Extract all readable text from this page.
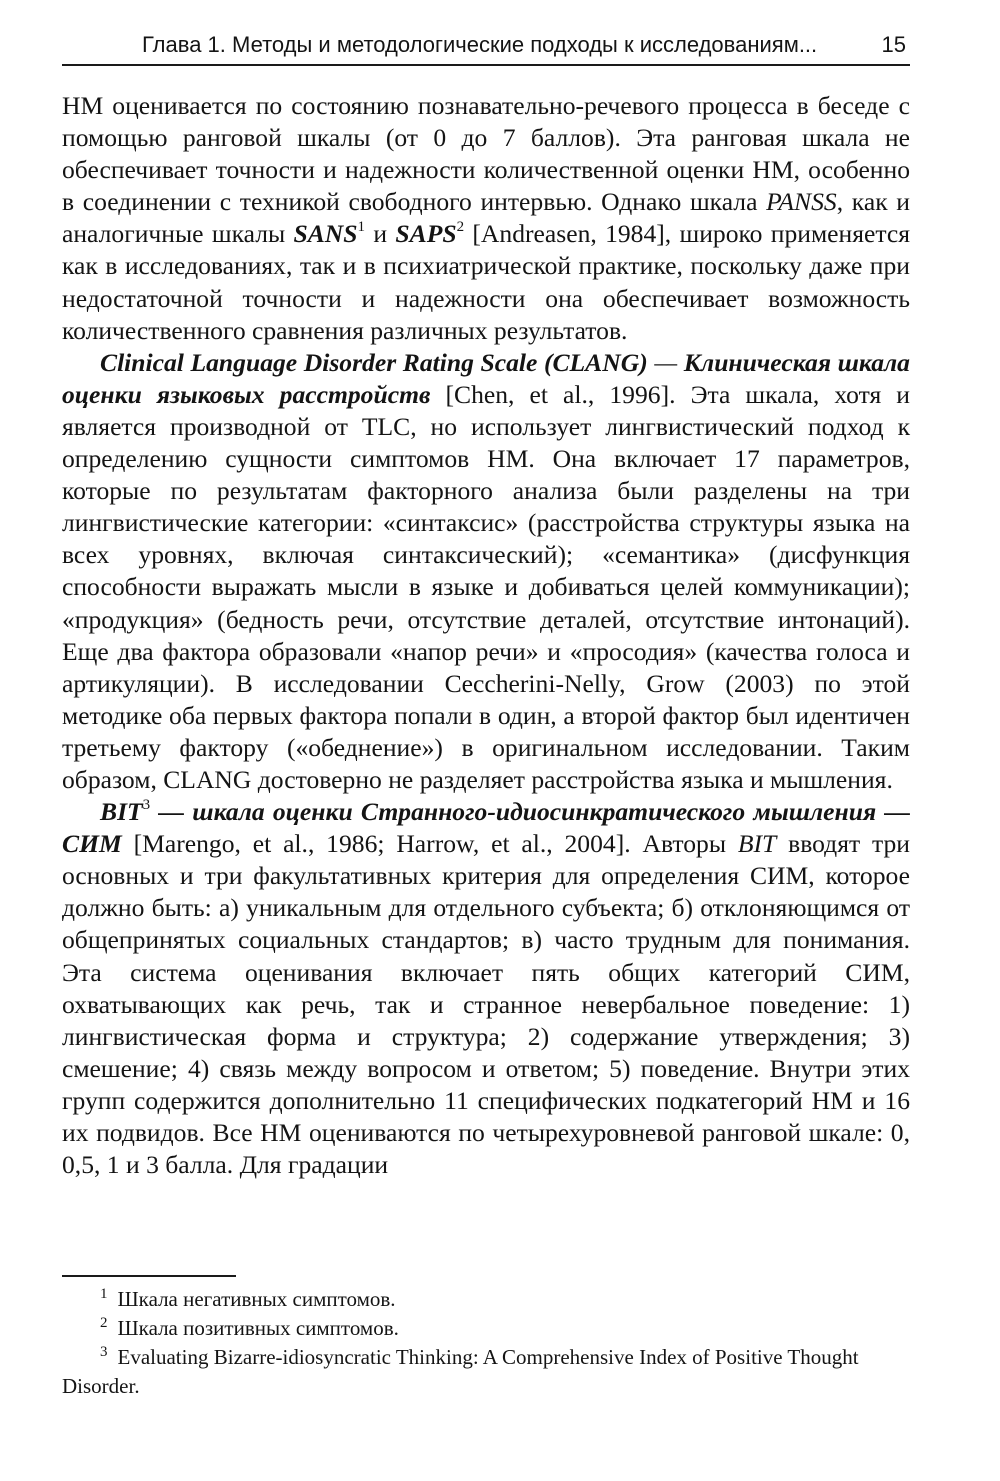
Глава 1. Методы и методологические подходы к исследованиям...	15

НМ оценивается по состоянию познавательно-речевого процесса в беседе с помощью ранговой шкалы (от 0 до 7 баллов). Эта ранговая шкала не обеспечивает точности и надежности количественной оценки НМ, особенно в соединении с техникой свободного интервью. Однако шкала PANSS, как и аналогичные шкалы SANS$^1$ и SAPS$^2$ [Andreasen, 1984], широко применяется как в исследованиях, так и в психиатрической практике, поскольку даже при недостаточной точности и надежности она обеспечивает возможность количественного сравнения различных результатов.

Clinical Language Disorder Rating Scale (CLANG) — Клиническая шкала оценки языковых расстройств [Chen, et al., 1996]. Эта шкала, хотя и является производной от TLC, но использует лингвистический подход к определению сущности симптомов НМ. Она включает 17 параметров, которые по результатам факторного анализа были разделены на три лингвистические категории: «синтаксис» (расстройства структуры языка на всех уровнях, включая синтаксический); «семантика» (дисфункция способности выражать мысли в языке и добиваться целей коммуникации); «продукция» (бедность речи, отсутствие деталей, отсутствие интонаций). Еще два фактора образовали «напор речи» и «просодия» (качества голоса и артикуляции). В исследовании Ceccherini-Nelly, Grow (2003) по этой методике оба первых фактора попали в один, а второй фактор был идентичен третьему фактору («обеднение») в оригинальном исследовании. Таким образом, CLANG достоверно не разделяет расстройства языка и мышления.

BIT$^3$ — шкала оценки Странного-идиосинкратического мышления — СИМ [Marengo, et al., 1986; Harrow, et al., 2004]. Авторы BIT вводят три основных и три факультативных критерия для определения СИМ, которое должно быть: а) уникальным для отдельного субъекта; б) отклоняющимся от общепринятых социальных стандартов; в) часто трудным для понимания. Эта система оценивания включает пять общих категорий СИМ, охватывающих как речь, так и странное невербальное поведение: 1) лингвистическая форма и структура; 2) содержание утверждения; 3) смешение; 4) связь между вопросом и ответом; 5) поведение. Внутри этих групп содержится дополнительно 11 специфических подкатегорий НМ и 16 их подвидов. Все НМ оцениваются по четырехуровневой ранговой шкале: 0, 0,5, 1 и 3 балла. Для градации

$^1$ Шкала негативных симптомов.

$^2$ Шкала позитивных симптомов.

$^3$ Evaluating Bizarre-idiosyncratic Thinking: A Comprehensive Index of Positive Thought Disorder.
